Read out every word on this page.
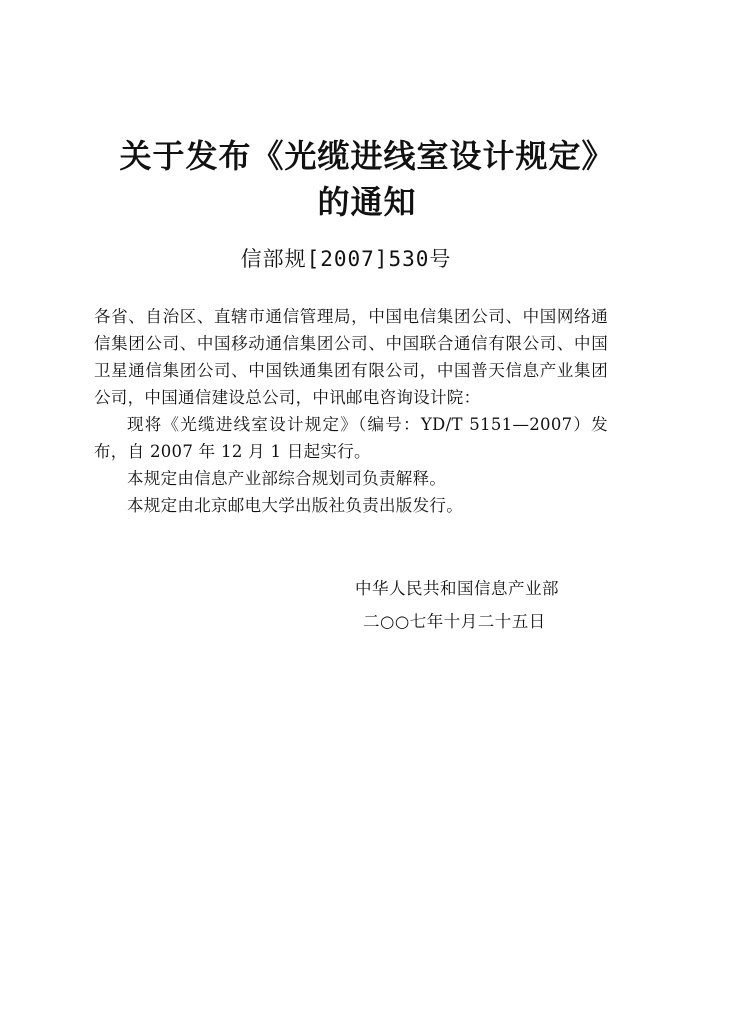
关于发布《光缆进线室设计规定》
的通知
信部规[2007]530号

各省、自治区、直辖市通信管理局，中国电信集团公司、中国网络通信集团公司、中国移动通信集团公司、中国联合通信有限公司、中国卫星通信集团公司、中国铁通集团有限公司，中国普天信息产业集团公司，中国通信建设总公司，中讯邮电咨询设计院：

现将《光缆进线室设计规定》（编号：YD/T 5151—2007）发布，自 2007 年 12 月 1 日起实行。

本规定由信息产业部综合规划司负责解释。

本规定由北京邮电大学出版社负责出版发行。

中华人民共和国信息产业部
二○○七年十月二十五日
